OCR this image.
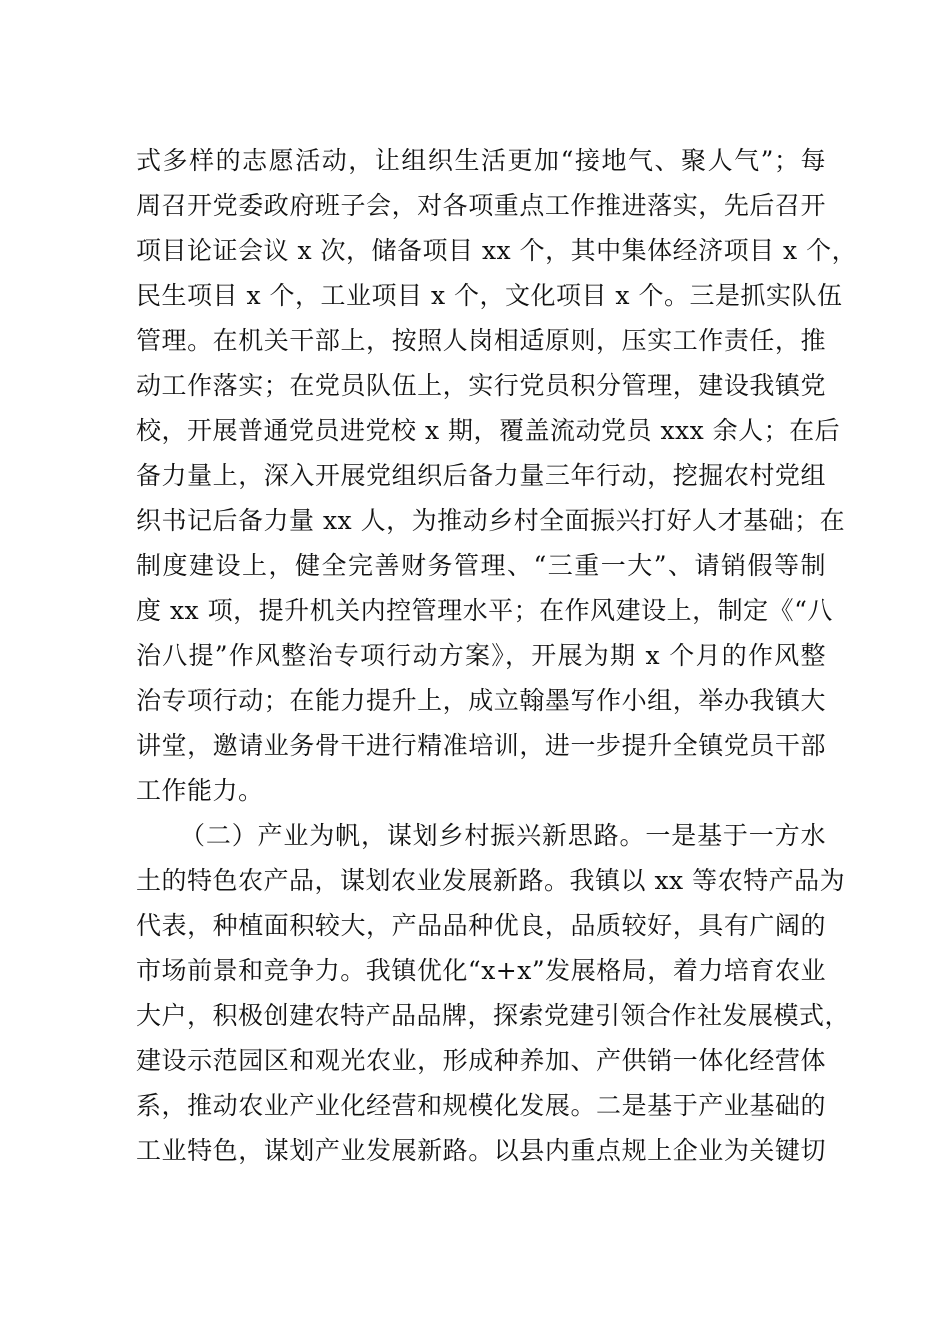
式多样的志愿活动，让组织生活更加“接地气、聚人气”；每
周召开党委政府班子会，对各项重点工作推进落实，先后召开
项目论证会议 x 次，储备项目 xx 个，其中集体经济项目 x 个，
民生项目 x 个，工业项目 x 个，文化项目 x 个。三是抓实队伍
管理。在机关干部上，按照人岗相适原则，压实工作责任，推
动工作落实；在党员队伍上，实行党员积分管理，建设我镇党
校，开展普通党员进党校 x 期，覆盖流动党员 xxx 余人；在后
备力量上，深入开展党组织后备力量三年行动，挖掘农村党组
织书记后备力量 xx 人，为推动乡村全面振兴打好人才基础；在
制度建设上，健全完善财务管理、“三重一大”、请销假等制
度 xx 项，提升机关内控管理水平；在作风建设上，制定《“八
治八提”作风整治专项行动方案》，开展为期 x 个月的作风整
治专项行动；在能力提升上，成立翰墨写作小组，举办我镇大
讲堂，邀请业务骨干进行精准培训，进一步提升全镇党员干部
工作能力。
（二）产业为帆，谋划乡村振兴新思路。一是基于一方水
土的特色农产品，谋划农业发展新路。我镇以 xx 等农特产品为
代表，种植面积较大，产品品种优良，品质较好，具有广阔的
市场前景和竞争力。我镇优化“x+x”发展格局，着力培育农业
大户，积极创建农特产品品牌，探索党建引领合作社发展模式，
建设示范园区和观光农业，形成种养加、产供销一体化经营体
系，推动农业产业化经营和规模化发展。二是基于产业基础的
工业特色，谋划产业发展新路。以县内重点规上企业为关键切
